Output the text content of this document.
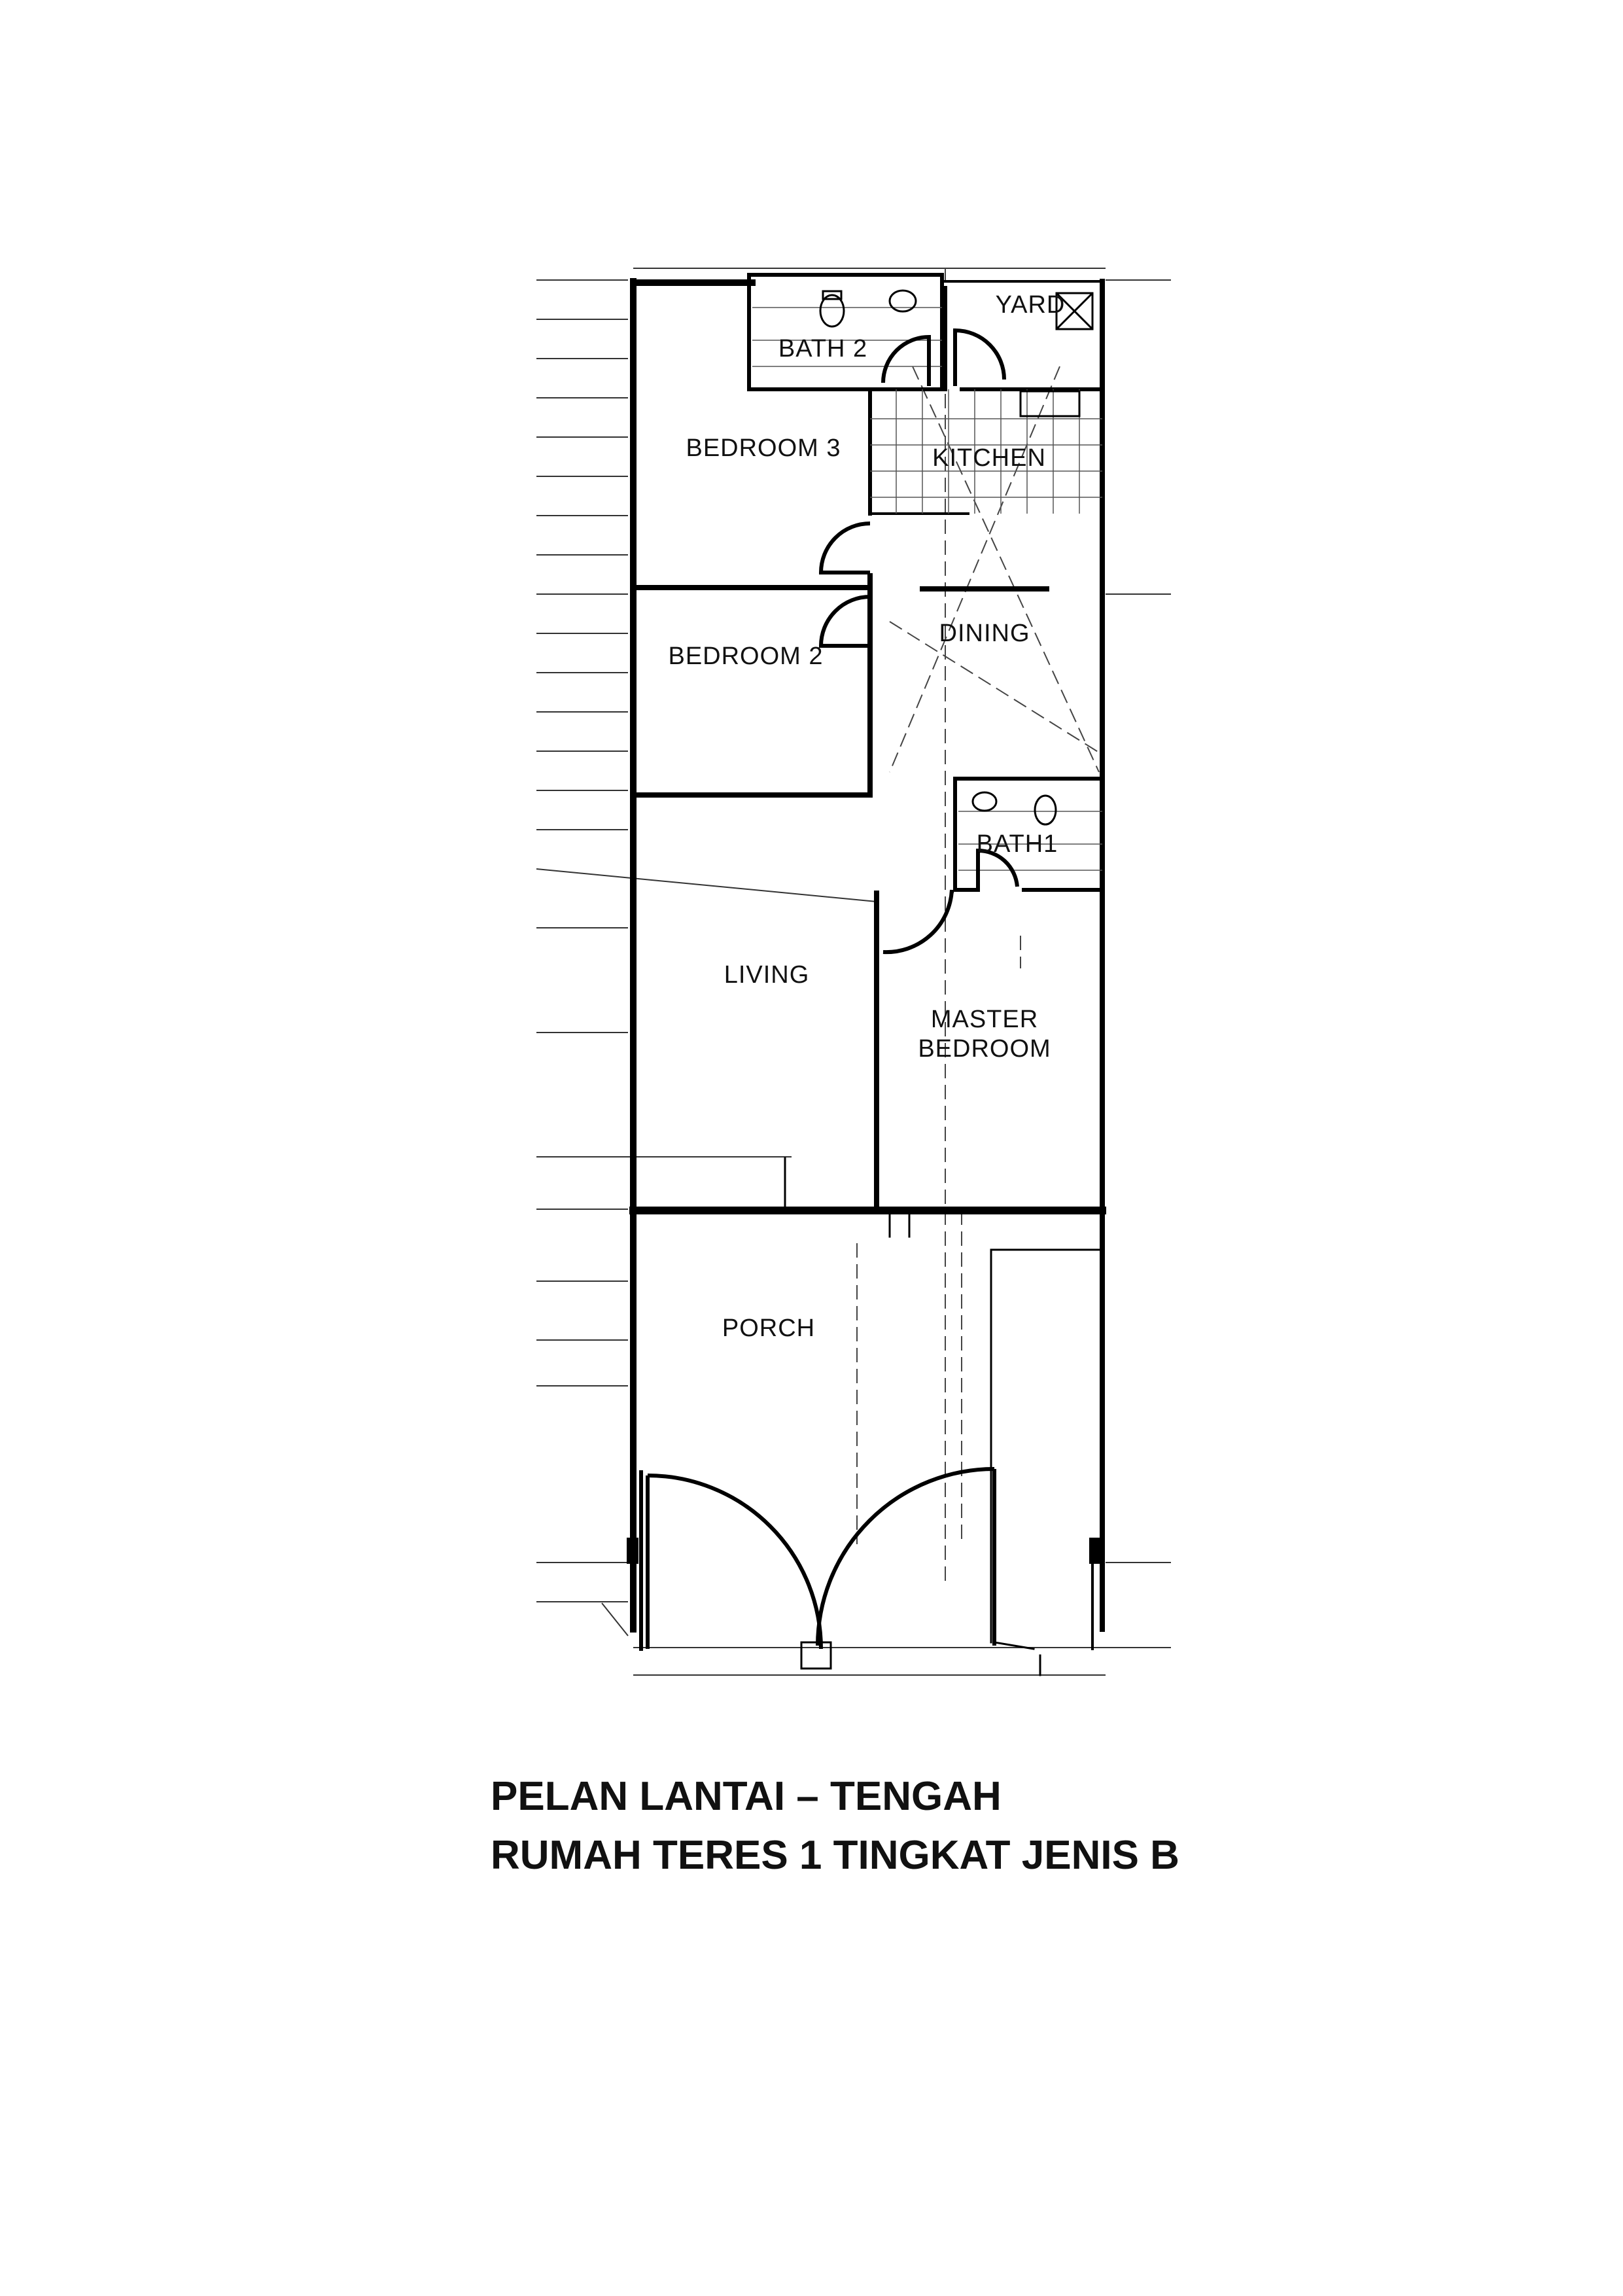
YARD
BATH 2
BEDROOM 3	KITCHEN
DINING
BEDROOM 2
BATH1
LIVING
MASTER
BEDROOM
PORCH
PELAN LANTAI – TENGAH
RUMAH TERES 1 TINGKAT JENIS B
